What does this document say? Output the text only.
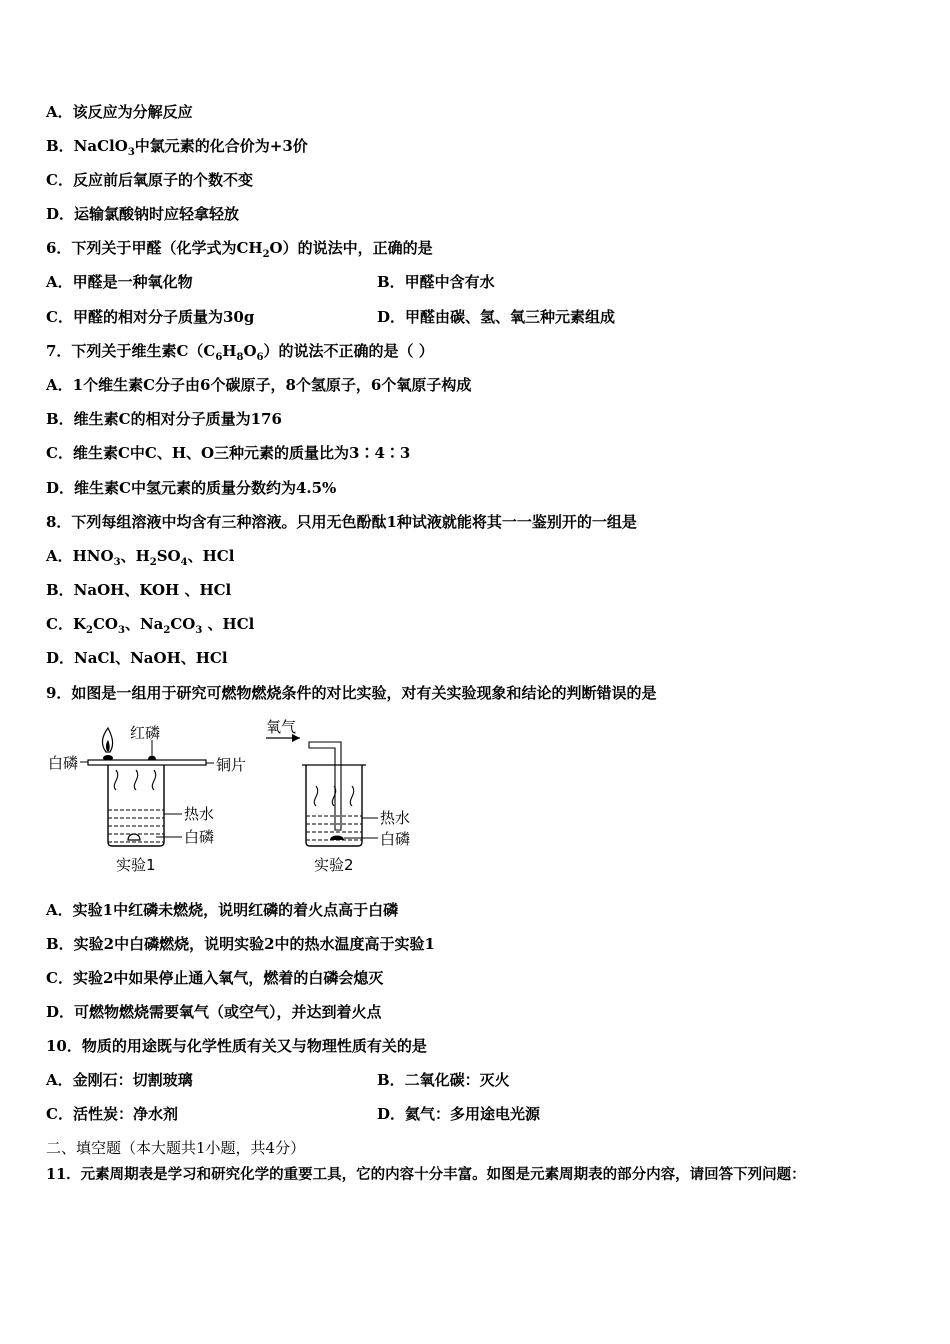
A．该反应为分解反应
B．NaClO$_3$中氯元素的化合价为+3价
C．反应前后氧原子的个数不变
D．运输氯酸钠时应轻拿轻放
6．下列关于甲醛（化学式为$CH_2O$）的说法中，正确的是
A．甲醛是一种氧化物	B．甲醛中含有水
C．甲醛的相对分子质量为30g	D．甲醛由碳、氢、氧三种元素组成
7．下列关于维生素$C(C_6H_8O_6)$的说法不正确的是（ ）
A．1个维生素C分子由6个碳原子，8个氢原子，6个氧原子构成
B．维生素C的相对分子质量为176
C．维生素C中C、H、O三种元素的质量比为3∶4∶3
D．维生素C中氢元素的质量分数约为4.5%
8．下列每组溶液中均含有三种溶液。只用无色酚酞1种试液就能将其一一鉴别开的一组是
A．$HNO_3$、$H_2SO_4$、HCl
B．NaOH、KOH 、HCl
C．$K_2CO_3$、$Na_2CO_3$ 、HCl
D．NaCl、NaOH、HCl
9．如图是一组用于研究可燃物燃烧条件的对比实验，对有关实验现象和结论的判断错误的是
红磷
白磷	铜片
热水
白磷
实验1
氧气
热水
白磷
实验2
A．实验1中红磷未燃烧，说明红磷的着火点高于白磷
B．实验2中白磷燃烧，说明实验2中的热水温度高于实验1
C．实验2中如果停止通入氧气，燃着的白磷会熄灭
D．可燃物燃烧需要氧气（或空气），并达到着火点
10．物质的用途既与化学性质有关又与物理性质有关的是
A．金刚石：切割玻璃	B．二氧化碳：灭火
C．活性炭：净水剂	D．氦气：多用途电光源
二、填空题（本大题共1小题，共4分）
11．元素周期表是学习和研究化学的重要工具，它的内容十分丰富。如图是元素周期表的部分内容，请回答下列问题：
